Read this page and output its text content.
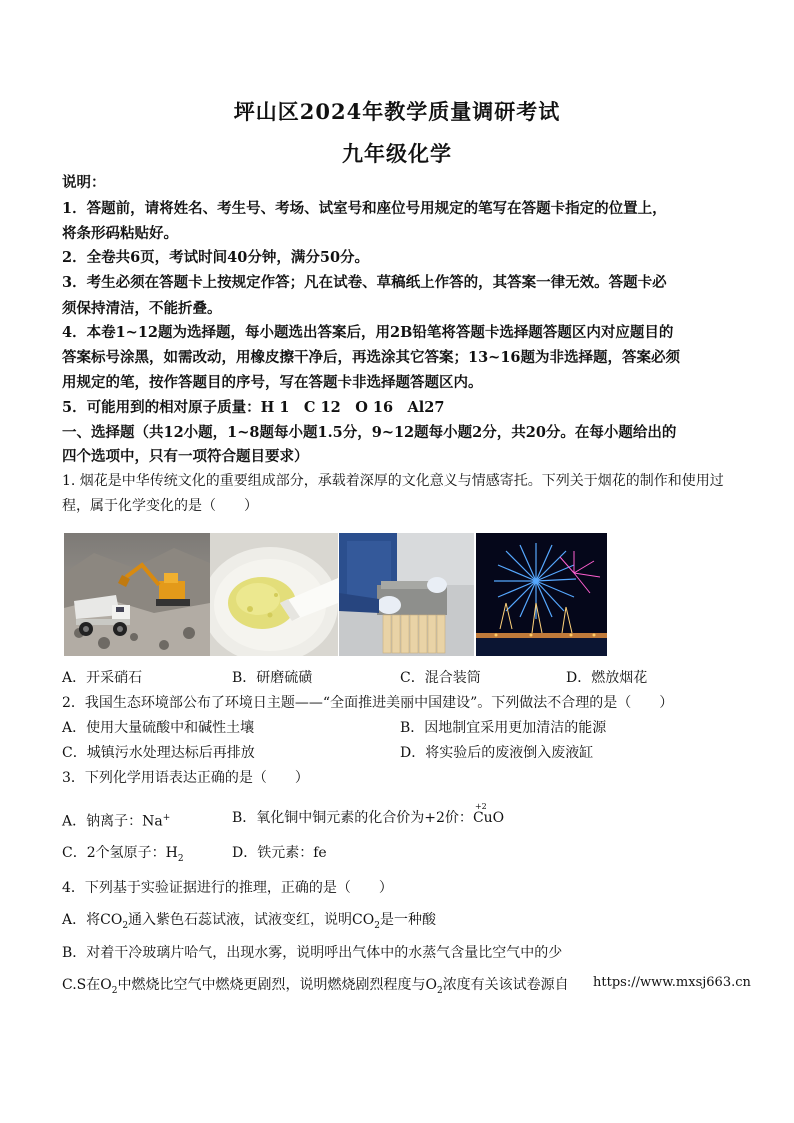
坪山区2024年教学质量调研考试
九年级化学
说明：
1．答题前，请将姓名、考生号、考场、试室号和座位号用规定的笔写在答题卡指定的位置上，
将条形码粘贴好。
2．全卷共6页，考试时间40分钟，满分50分。
3．考生必须在答题卡上按规定作答；凡在试卷、草稿纸上作答的，其答案一律无效。答题卡必
须保持清洁，不能折叠。
4．本卷1~12题为选择题，每小题选出答案后，用2B铅笔将答题卡选择题答题区内对应题目的
答案标号涂黑，如需改动，用橡皮擦干净后，再选涂其它答案；13~16题为非选择题，答案必须
用规定的笔，按作答题目的序号，写在答题卡非选择题答题区内。
5．可能用到的相对原子质量：H 1　C 12　O 16　Al27
一、选择题（共12小题，1~8题每小题1.5分，9~12题每小题2分，共20分。在每小题给出的
四个选项中，只有一项符合题目要求）
1. 烟花是中华传统文化的重要组成部分，承载着深厚的文化意义与情感寄托。下列关于烟花的制作和使用过
程，属于化学变化的是（　　）
A．开采硝石	B．研磨硫磺	C．混合装筒	D．燃放烟花
2．我国生态环境部公布了环境日主题——“全面推进美丽中国建设”。下列做法不合理的是（　　）
A．使用大量硫酸中和碱性土壤	B．因地制宜采用更加清洁的能源
C．城镇污水处理达标后再排放	D．将实验后的废液倒入废液缸
3．下列化学用语表达正确的是（　　）
A．钠离子：Na+	B．氧化铜中铜元素的化合价为+2价：
+2
CuO
C．2个氢原子：$H_2$	D．铁元素：fe
4．下列基于实验证据进行的推理，正确的是（　　）
A．将$CO_2$通入紫色石蕊试液，试液变红，说明$CO_2$是一种酸
B．对着干冷玻璃片哈气，出现水雾，说明呼出气体中的水蒸气含量比空气中的少
C.S在$O_2$中燃烧比空气中燃烧更剧烈，说明燃烧剧烈程度与$O_2$浓度有关该试卷源自 https://www.mxsj663.cn
